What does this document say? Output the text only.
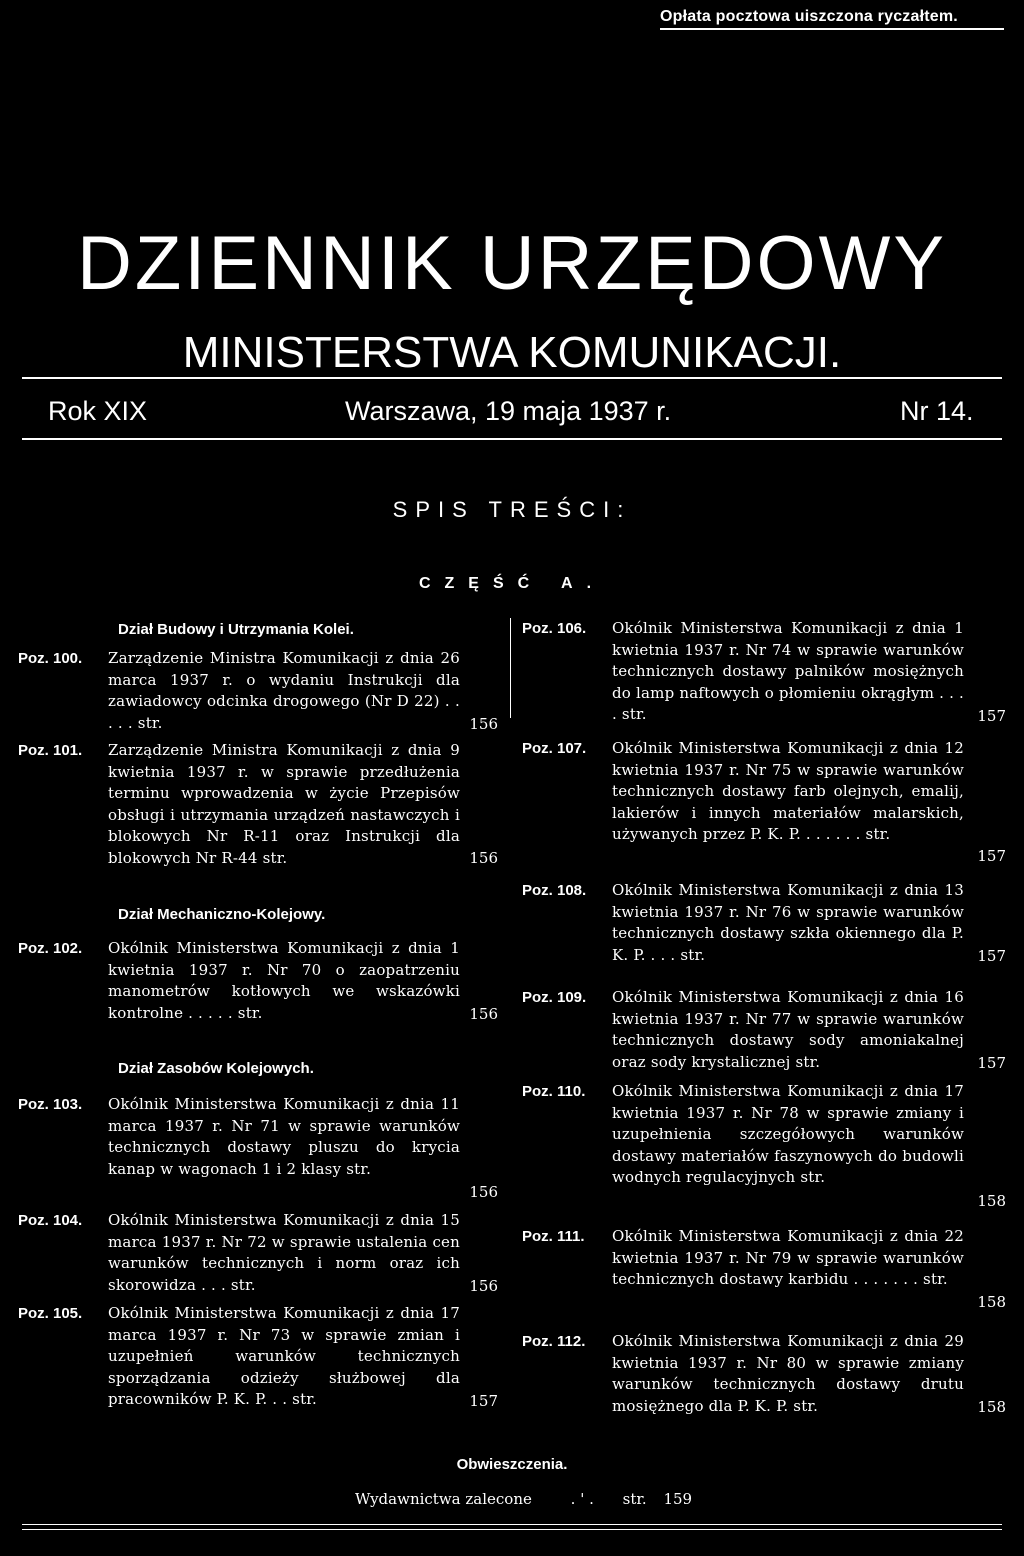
Opłata pocztowa uiszczona ryczałtem.
DZIENNIK URZĘDOWY
MINISTERSTWA KOMUNIKACJI.
Rok XIX	Warszawa, 19 maja 1937 r.	Nr 14.
SPIS TREŚCI:
CZĘŚĆ A.
Dział Budowy i Utrzymania Kolei.
Poz. 100. Zarządzenie Ministra Komunikacji z dnia 26 marca 1937 r. o wydaniu Instrukcji dla zawiadowcy odcinka drogowego (Nr D 22) . . . . . str.	156
Poz. 101. Zarządzenie Ministra Komunikacji z dnia 9 kwietnia 1937 r. w sprawie przedłużenia terminu wprowadzenia w życie Przepisów obsługi i utrzymania urządzeń nastawczych i blokowych Nr R-11 oraz Instrukcji dla blokowych Nr R-44 str.	156
Dział Mechaniczno-Kolejowy.
Poz. 102. Okólnik Ministerstwa Komunikacji z dnia 1 kwietnia 1937 r. Nr 70 o zaopatrzeniu manometrów kotłowych we wskazówki kontrolne . . . . . str.	156
Dział Zasobów Kolejowych.
Poz. 103. Okólnik Ministerstwa Komunikacji z dnia 11 marca 1937 r. Nr 71 w sprawie warunków technicznych dostawy pluszu do krycia kanap w wagonach 1 i 2 klasy str.
156
Poz. 104. Okólnik Ministerstwa Komunikacji z dnia 15 marca 1937 r. Nr 72 w sprawie ustalenia cen warunków technicznych i norm oraz ich skorowidza . . . str.	156
Poz. 105. Okólnik Ministerstwa Komunikacji z dnia 17 marca 1937 r. Nr 73 w sprawie zmian i uzupełnień warunków technicznych sporządzania odzieży służbowej dla pracowników P. K. P. . . str.	157
Poz. 106. Okólnik Ministerstwa Komunikacji z dnia 1 kwietnia 1937 r. Nr 74 w sprawie warunków technicznych dostawy palników mosiężnych do lamp naftowych o płomieniu okrągłym . . . . str.	157
Poz. 107. Okólnik Ministerstwa Komunikacji z dnia 12 kwietnia 1937 r. Nr 75 w sprawie warunków technicznych dostawy farb olejnych, emalij, lakierów i innych materiałów malarskich, używanych przez P. K. P. . . . . . . str.
157
Poz. 108. Okólnik Ministerstwa Komunikacji z dnia 13 kwietnia 1937 r. Nr 76 w sprawie warunków technicznych dostawy szkła okiennego dla P. K. P. . . . str.	157
Poz. 109. Okólnik Ministerstwa Komunikacji z dnia 16 kwietnia 1937 r. Nr 77 w sprawie warunków technicznych dostawy sody amoniakalnej oraz sody krystalicznej str.	157
Poz. 110. Okólnik Ministerstwa Komunikacji z dnia 17 kwietnia 1937 r. Nr 78 w sprawie zmiany i uzupełnienia szczegółowych warunków dostawy materiałów faszynowych do budowli wodnych regulacyjnych str.
158
Poz. 111. Okólnik Ministerstwa Komunikacji z dnia 22 kwietnia 1937 r. Nr 79 w sprawie warunków technicznych dostawy karbidu . . . . . . . str.
158
Poz. 112. Okólnik Ministerstwa Komunikacji z dnia 29 kwietnia 1937 r. Nr 80 w sprawie zmiany warunków technicznych dostawy drutu mosiężnego dla P. K. P. str.	158
Obwieszczenia.
Wydawnictwa zalecone	. ' . str. 159
